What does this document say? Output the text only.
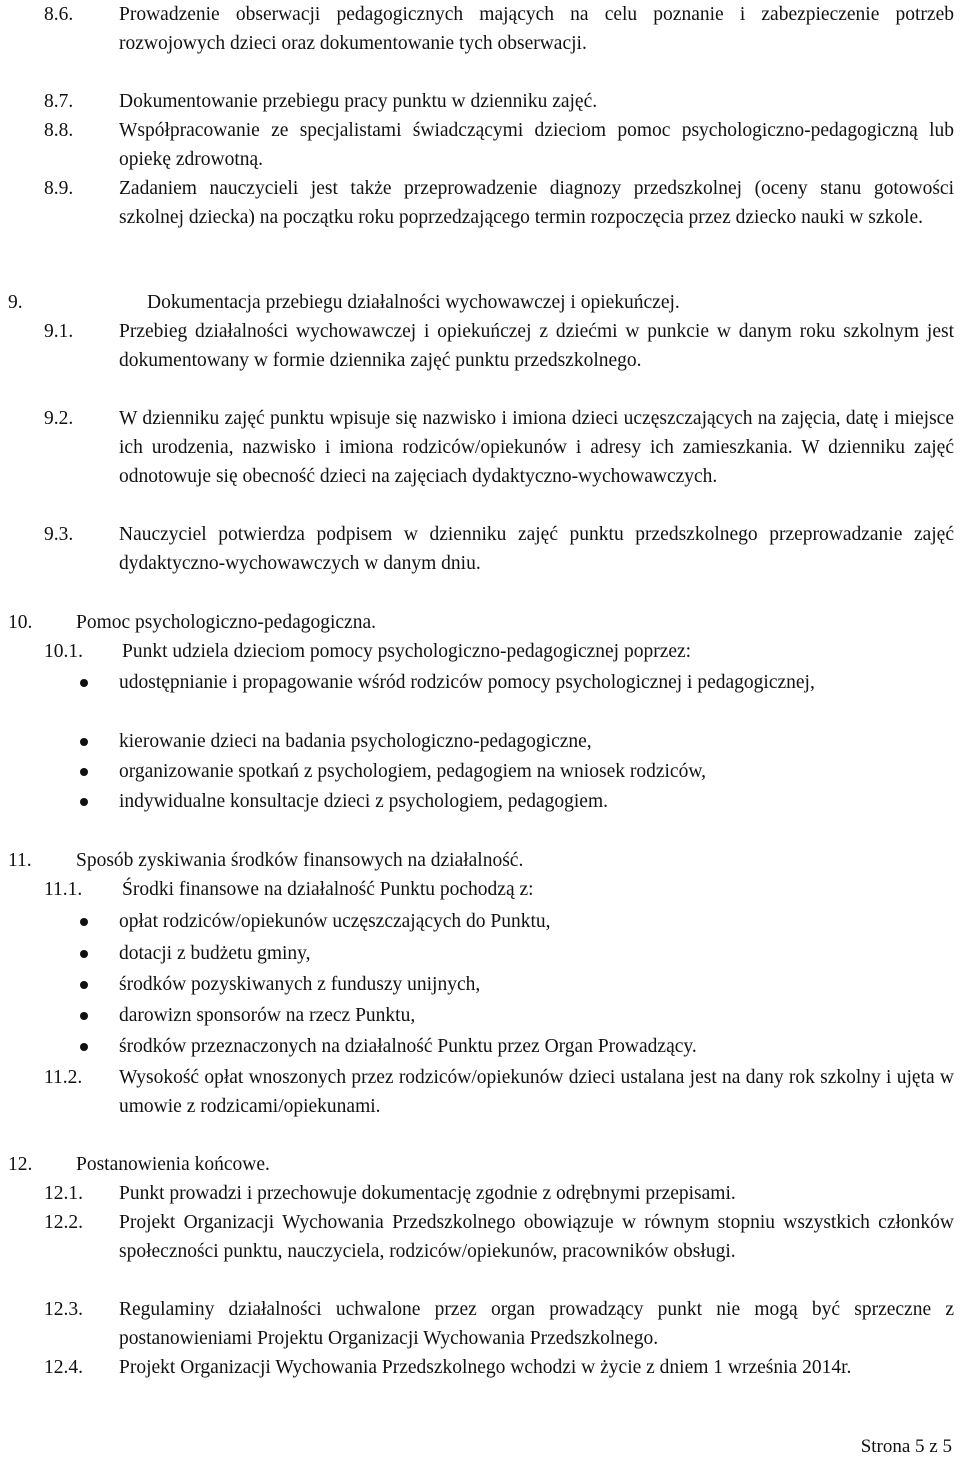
8.6. Prowadzenie obserwacji pedagogicznych mających na celu poznanie i zabezpieczenie potrzeb rozwojowych dzieci oraz dokumentowanie tych obserwacji.
8.7. Dokumentowanie przebiegu pracy punktu w dzienniku zajęć.
8.8. Współpracowanie ze specjalistami świadczącymi dzieciom pomoc psychologiczno-pedagogiczną lub opiekę zdrowotną.
8.9. Zadaniem nauczycieli jest także przeprowadzenie diagnozy przedszkolnej (oceny stanu gotowości szkolnej dziecka) na początku roku poprzedzającego termin rozpoczęcia przez dziecko nauki w szkole.
9.	Dokumentacja przebiegu działalności wychowawczej i opiekuńczej.
9.1. Przebieg działalności wychowawczej i opiekuńczej z dziećmi w punkcie w danym roku szkolnym jest dokumentowany w formie dziennika zajęć punktu przedszkolnego.
9.2. W dzienniku zajęć punktu wpisuje się nazwisko i imiona dzieci uczęszczających na zajęcia, datę i miejsce ich urodzenia, nazwisko i imiona rodziców/opiekunów i adresy ich zamieszkania. W dzienniku zajęć odnotowuje się obecność dzieci na zajęciach dydaktyczno-wychowawczych.
9.3. Nauczyciel potwierdza podpisem w dzienniku zajęć punktu przedszkolnego przeprowadzanie zajęć dydaktyczno-wychowawczych w danym dniu.
10. Pomoc psychologiczno-pedagogiczna.
10.1. Punkt udziela dzieciom pomocy psychologiczno-pedagogicznej poprzez:
udostępnianie i propagowanie wśród rodziców pomocy psychologicznej i pedagogicznej,
kierowanie dzieci na badania psychologiczno-pedagogiczne,
organizowanie spotkań z psychologiem, pedagogiem na wniosek rodziców,
indywidualne konsultacje dzieci z psychologiem, pedagogiem.
11. Sposób zyskiwania środków finansowych na działalność.
11.1. Środki finansowe na działalność Punktu pochodzą z:
opłat rodziców/opiekunów uczęszczających do Punktu,
dotacji z budżetu gminy,
środków pozyskiwanych z funduszy unijnych,
darowizn sponsorów na rzecz Punktu,
środków przeznaczonych na działalność Punktu przez Organ Prowadzący.
11.2. Wysokość opłat wnoszonych przez rodziców/opiekunów dzieci ustalana jest na dany rok szkolny i ujęta w umowie z rodzicami/opiekunami.
12. Postanowienia końcowe.
12.1. Punkt prowadzi i przechowuje dokumentację zgodnie z odrębnymi przepisami.
12.2. Projekt Organizacji Wychowania Przedszkolnego obowiązuje w równym stopniu wszystkich członków społeczności punktu, nauczyciela, rodziców/opiekunów, pracowników obsługi.
12.3. Regulaminy działalności uchwalone przez organ prowadzący punkt nie mogą być sprzeczne z postanowieniami Projektu Organizacji Wychowania Przedszkolnego.
12.4. Projekt Organizacji Wychowania Przedszkolnego wchodzi w życie z dniem 1 września 2014r.
Strona 5 z 5
